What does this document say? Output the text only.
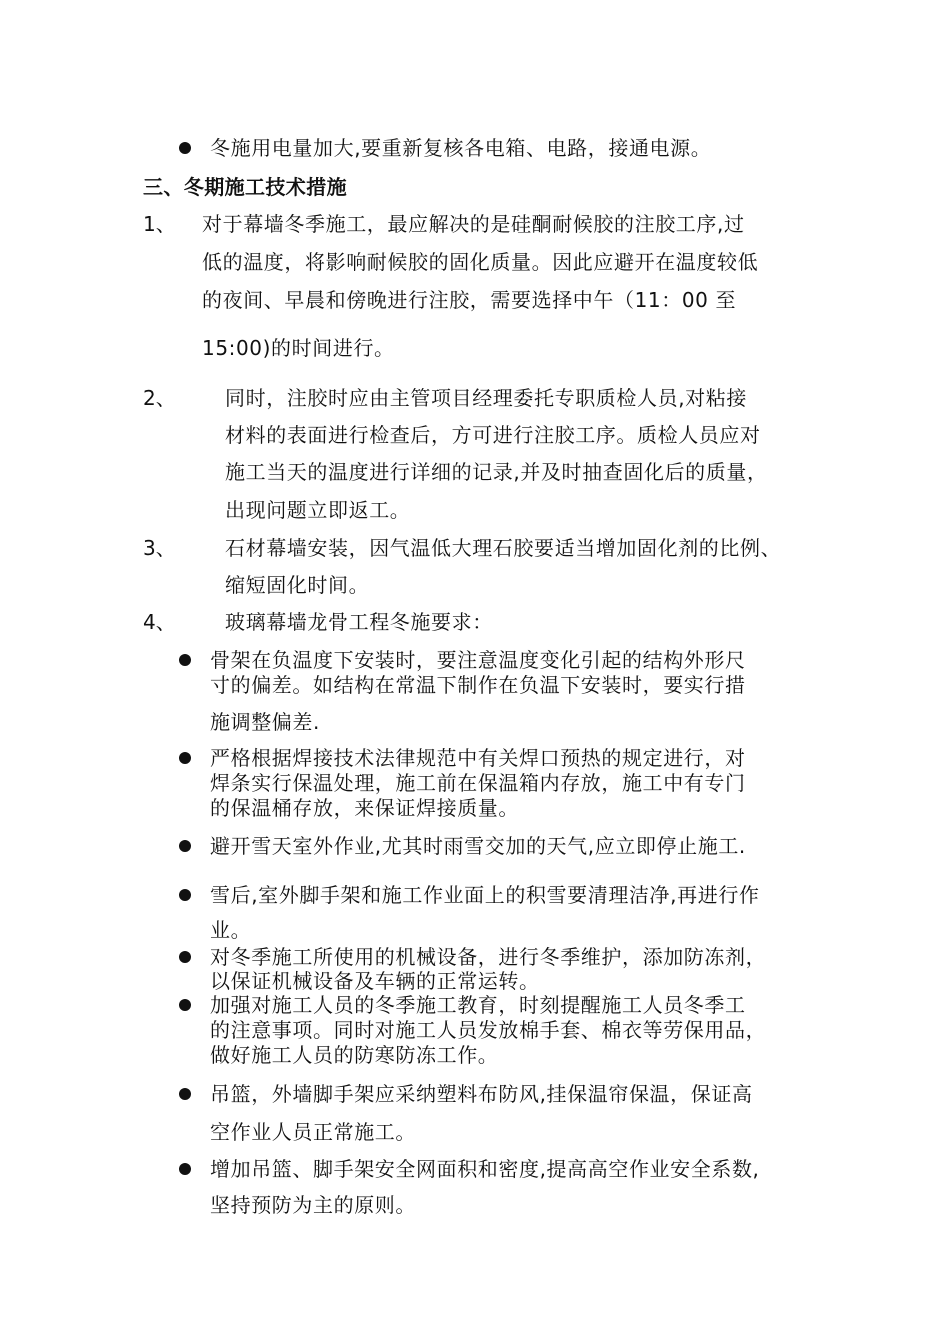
冬施用电量加大,要重新复核各电箱、电路，接通电源。
三、冬期施工技术措施
1、 对于幕墙冬季施工，最应解决的是硅酮耐候胶的注胶工序,过
低的温度，将影响耐候胶的固化质量。因此应避开在温度较低
的夜间、早晨和傍晚进行注胶，需要选择中午（11：00 至
15:00)的时间进行。
2、 同时，注胶时应由主管项目经理委托专职质检人员,对粘接
材料的表面进行检查后，方可进行注胶工序。质检人员应对
施工当天的温度进行详细的记录,并及时抽查固化后的质量，
出现问题立即返工。
3、 石材幕墙安装，因气温低大理石胶要适当增加固化剂的比例、
缩短固化时间。
4、 玻璃幕墙龙骨工程冬施要求：
骨架在负温度下安装时，要注意温度变化引起的结构外形尺
寸的偏差。如结构在常温下制作在负温下安装时，要实行措
施调整偏差.
严格根据焊接技术法律规范中有关焊口预热的规定进行，对
焊条实行保温处理，施工前在保温箱内存放，施工中有专门
的保温桶存放，来保证焊接质量。
避开雪天室外作业,尤其时雨雪交加的天气,应立即停止施工.
雪后,室外脚手架和施工作业面上的积雪要清理洁净,再进行作
业。
对冬季施工所使用的机械设备，进行冬季维护，添加防冻剂，
以保证机械设备及车辆的正常运转。
加强对施工人员的冬季施工教育，时刻提醒施工人员冬季工
的注意事项。同时对施工人员发放棉手套、棉衣等劳保用品，
做好施工人员的防寒防冻工作。
吊篮，外墙脚手架应采纳塑料布防风,挂保温帘保温，保证高
空作业人员正常施工。
增加吊篮、脚手架安全网面积和密度,提高高空作业安全系数,
坚持预防为主的原则。
